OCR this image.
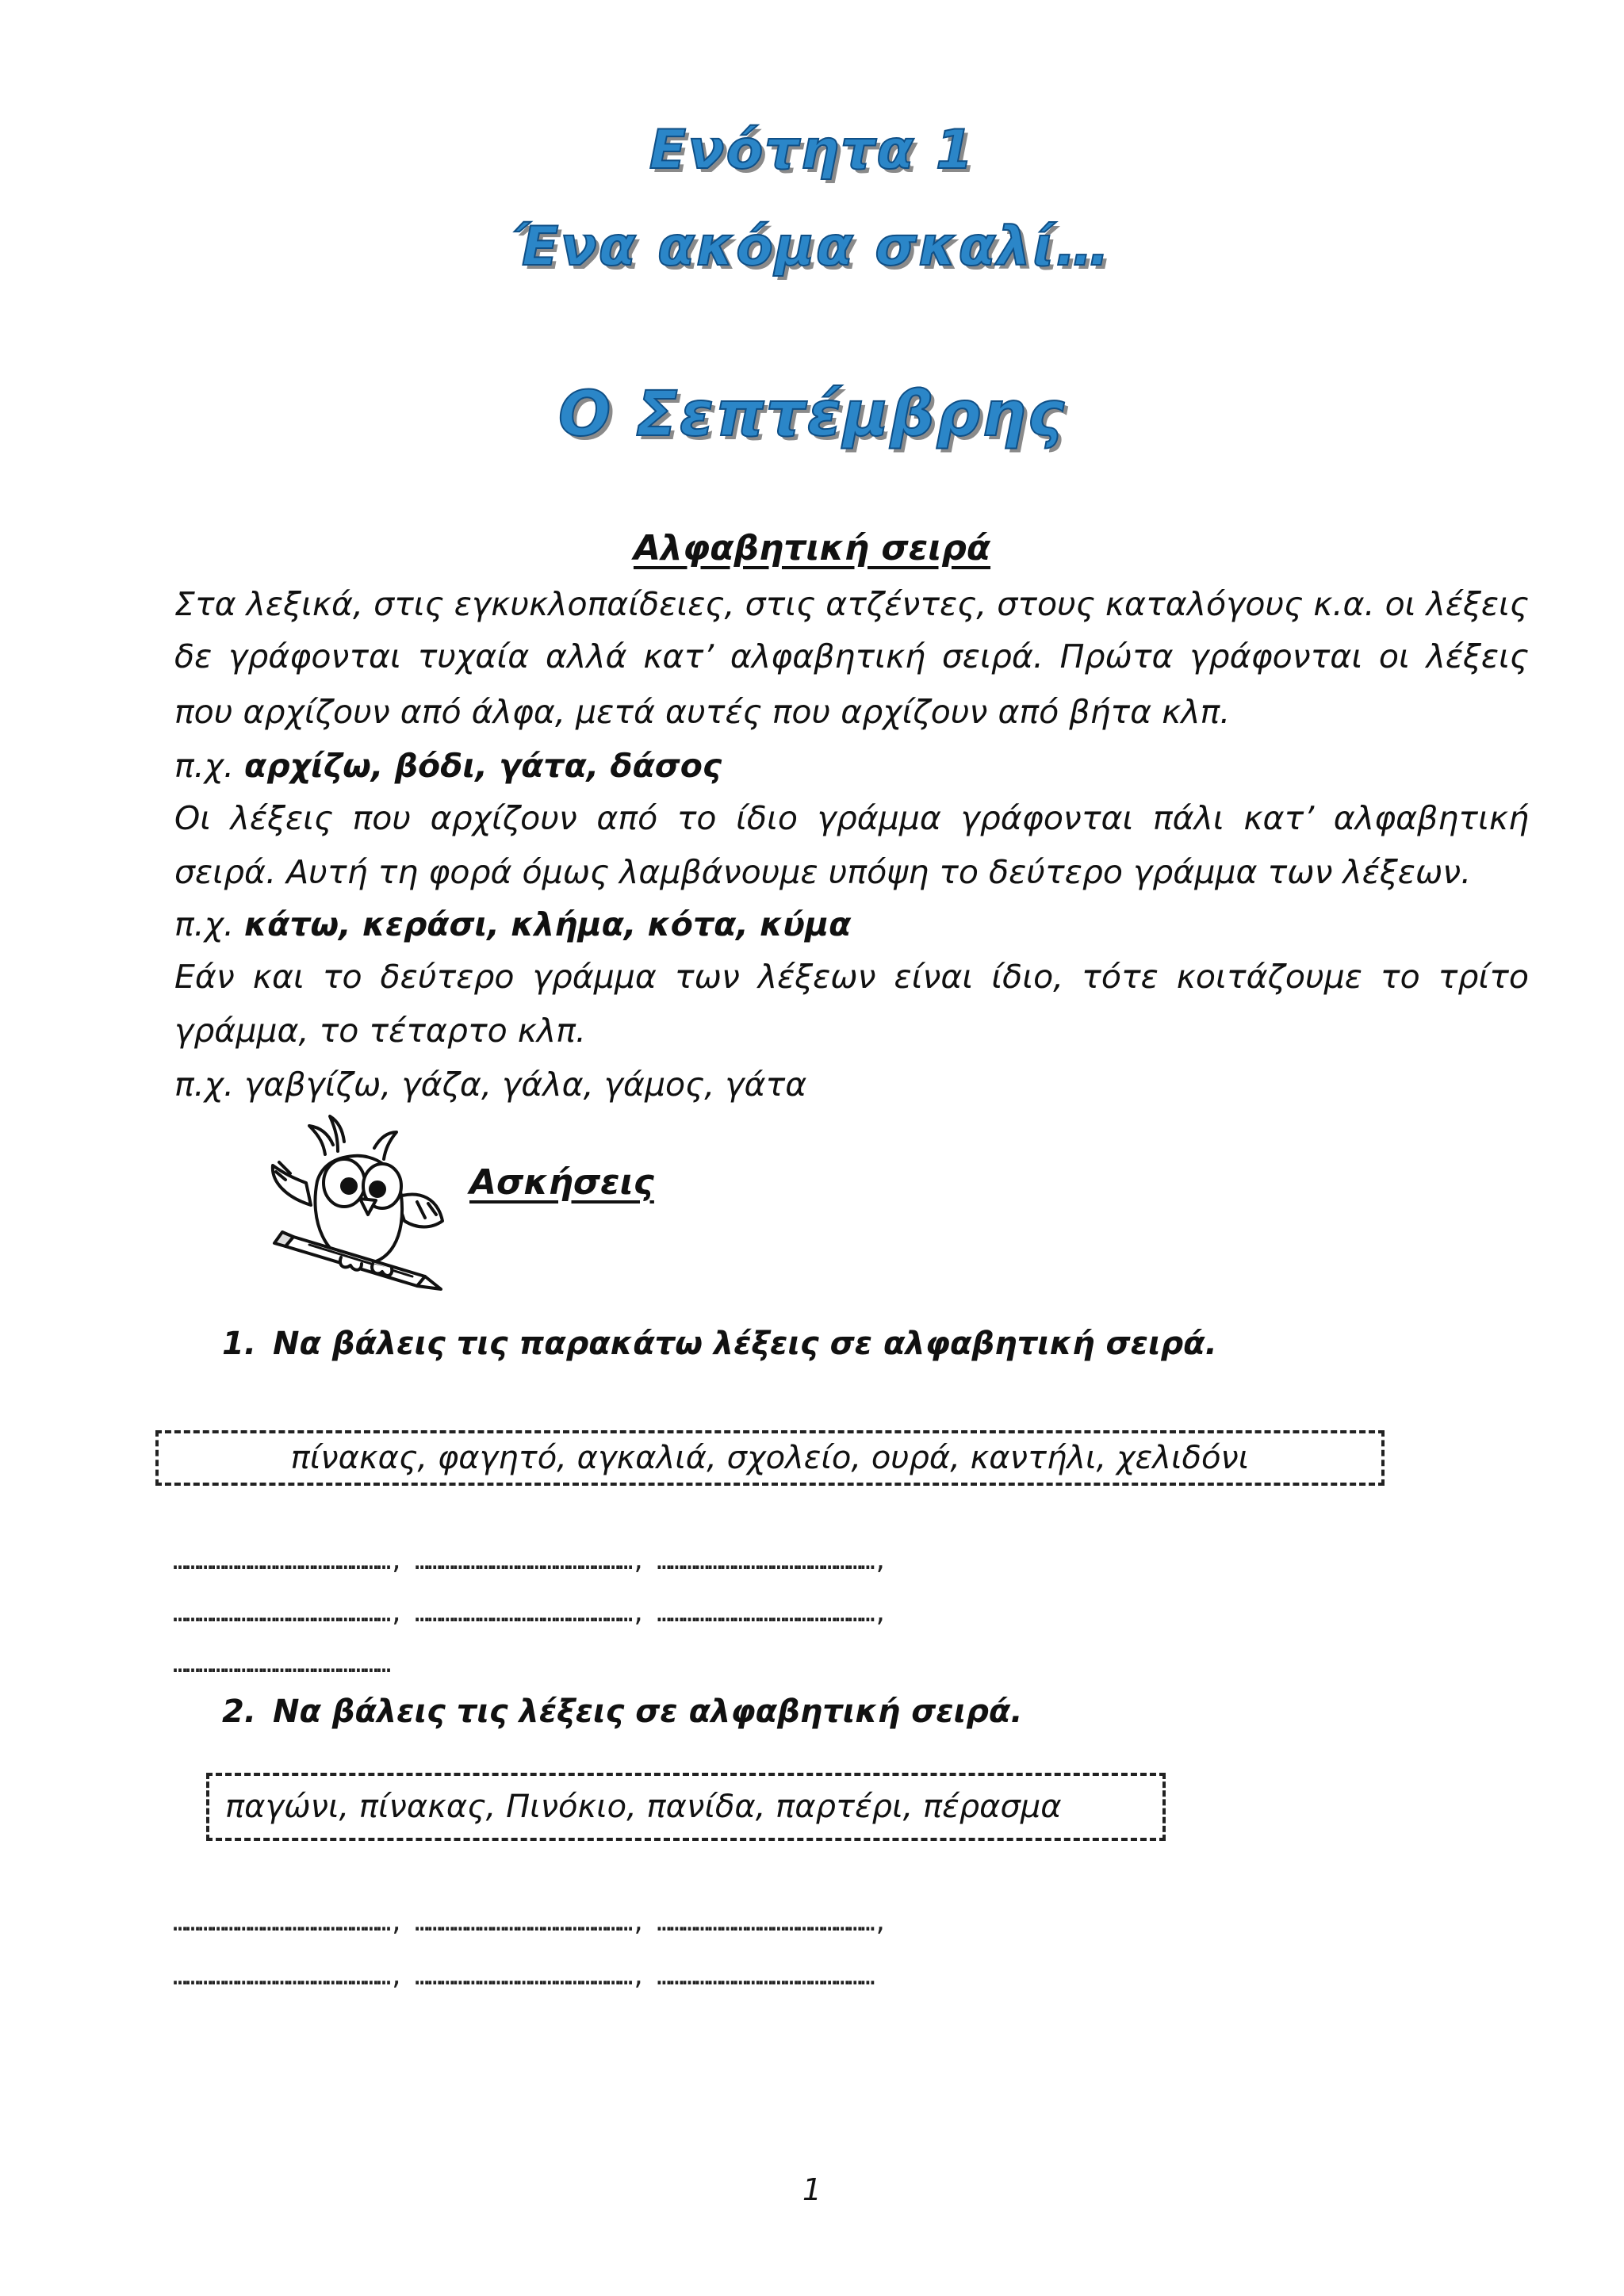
Ενότητα 1
Ένα ακόμα σκαλί…
Ο Σεπτέμβρης
Αλφαβητική σειρά
Στα λεξικά, στις εγκυκλοπαίδειες, στις ατζέντες, στους καταλόγους κ.α. οι λέξεις
δε γράφονται τυχαία αλλά κατ’ αλφαβητική σειρά. Πρώτα γράφονται οι λέξεις
που αρχίζουν από άλφα, μετά αυτές που αρχίζουν από βήτα κλπ.
π.χ. αρχίζω, βόδι, γάτα, δάσος
Οι λέξεις που αρχίζουν από το ίδιο γράμμα γράφονται πάλι κατ’ αλφαβητική
σειρά. Αυτή τη φορά όμως λαμβάνουμε υπόψη το δεύτερο γράμμα των λέξεων.
π.χ. κάτω, κεράσι, κλήμα, κότα, κύμα
Εάν και το δεύτερο γράμμα των λέξεων είναι ίδιο, τότε κοιτάζουμε το τρίτο
γράμμα, το τέταρτο κλπ.
π.χ. γαβγίζω, γάζα, γάλα, γάμος, γάτα
Ασκήσεις
1. Να βάλεις τις παρακάτω λέξεις σε αλφαβητική σειρά.
πίνακας, φαγητό, αγκαλιά, σχολείο, ουρά, καντήλι, χελιδόνι
……………………………………………, ……………………………………………, ……………………………………………,
……………………………………………, ……………………………………………, ……………………………………………,
……………………………………………
2. Να βάλεις τις λέξεις σε αλφαβητική σειρά.
παγώνι, πίνακας, Πινόκιο, πανίδα, παρτέρι, πέρασμα
……………………………………………, ……………………………………………, ……………………………………………,
……………………………………………, ……………………………………………, ……………………………………………
1
